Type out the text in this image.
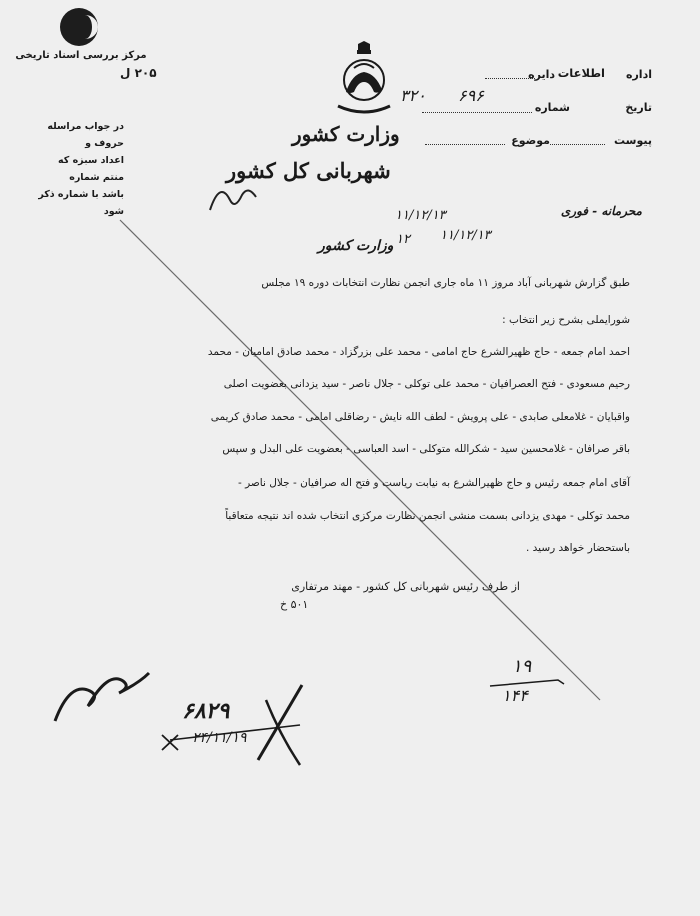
مرکز بررسی اسناد تاریخی
۲۰۵ ل
در جواب مراسله حروف و
اعداد سبزه که منتم شماره
باشد با شماره ذکر شود
وزارت کشور
شهربانی کل کشور
اداره
اطلاعات
دایره
تاریخ
شماره
پیوست
موضوع
۳۲۰ ۶۹۶
محرمانه - فوری
۱۱/۱۲/۱۳
۱۱/۱۲/۱۳
۱۲
وزارت کشور
طبق گزارش شهربانی آباد مروز ۱۱ ماه جاری انجمن نظارت انتخابات دوره ۱۹ مجلس
شورایملی بشرح زیر انتخاب :
احمد امام جمعه - حاج ظهیرالشرع حاج امامی - محمد علی بزرگزاد - محمد صادق امامیان - محمد
رحیم مسعودی - فتح العصرافیان - محمد علی توکلی - جلال ناصر - سید یزدانی بعضویت اصلی
واقبایان - غلامعلی صابدی - علی پرویش - لطف الله نایش - رضاقلی امامی - محمد صادق کریمی
باقر صرافان - غلامحسین سید - شکرالله متوکلی - اسد العباسی - بعضویت علی البدل و سپس
آقای امام جمعه رئیس و حاج ظهیرالشرع به نیابت ریاست و فتح اله صرافیان - جلال ناصر -
محمد توکلی - مهدی یزدانی بسمت منشی انجمن نظارت مرکزی انتخاب شده اند نتیجه متعاقباً
باستحضار خواهد رسید .
از طرف رئیس شهربانی کل کشور - مهند مرتفاری
۵۰۱ خ
۶۸۲۹
۲۴/۱۱/۱۹
۱۹
۱۴۴
